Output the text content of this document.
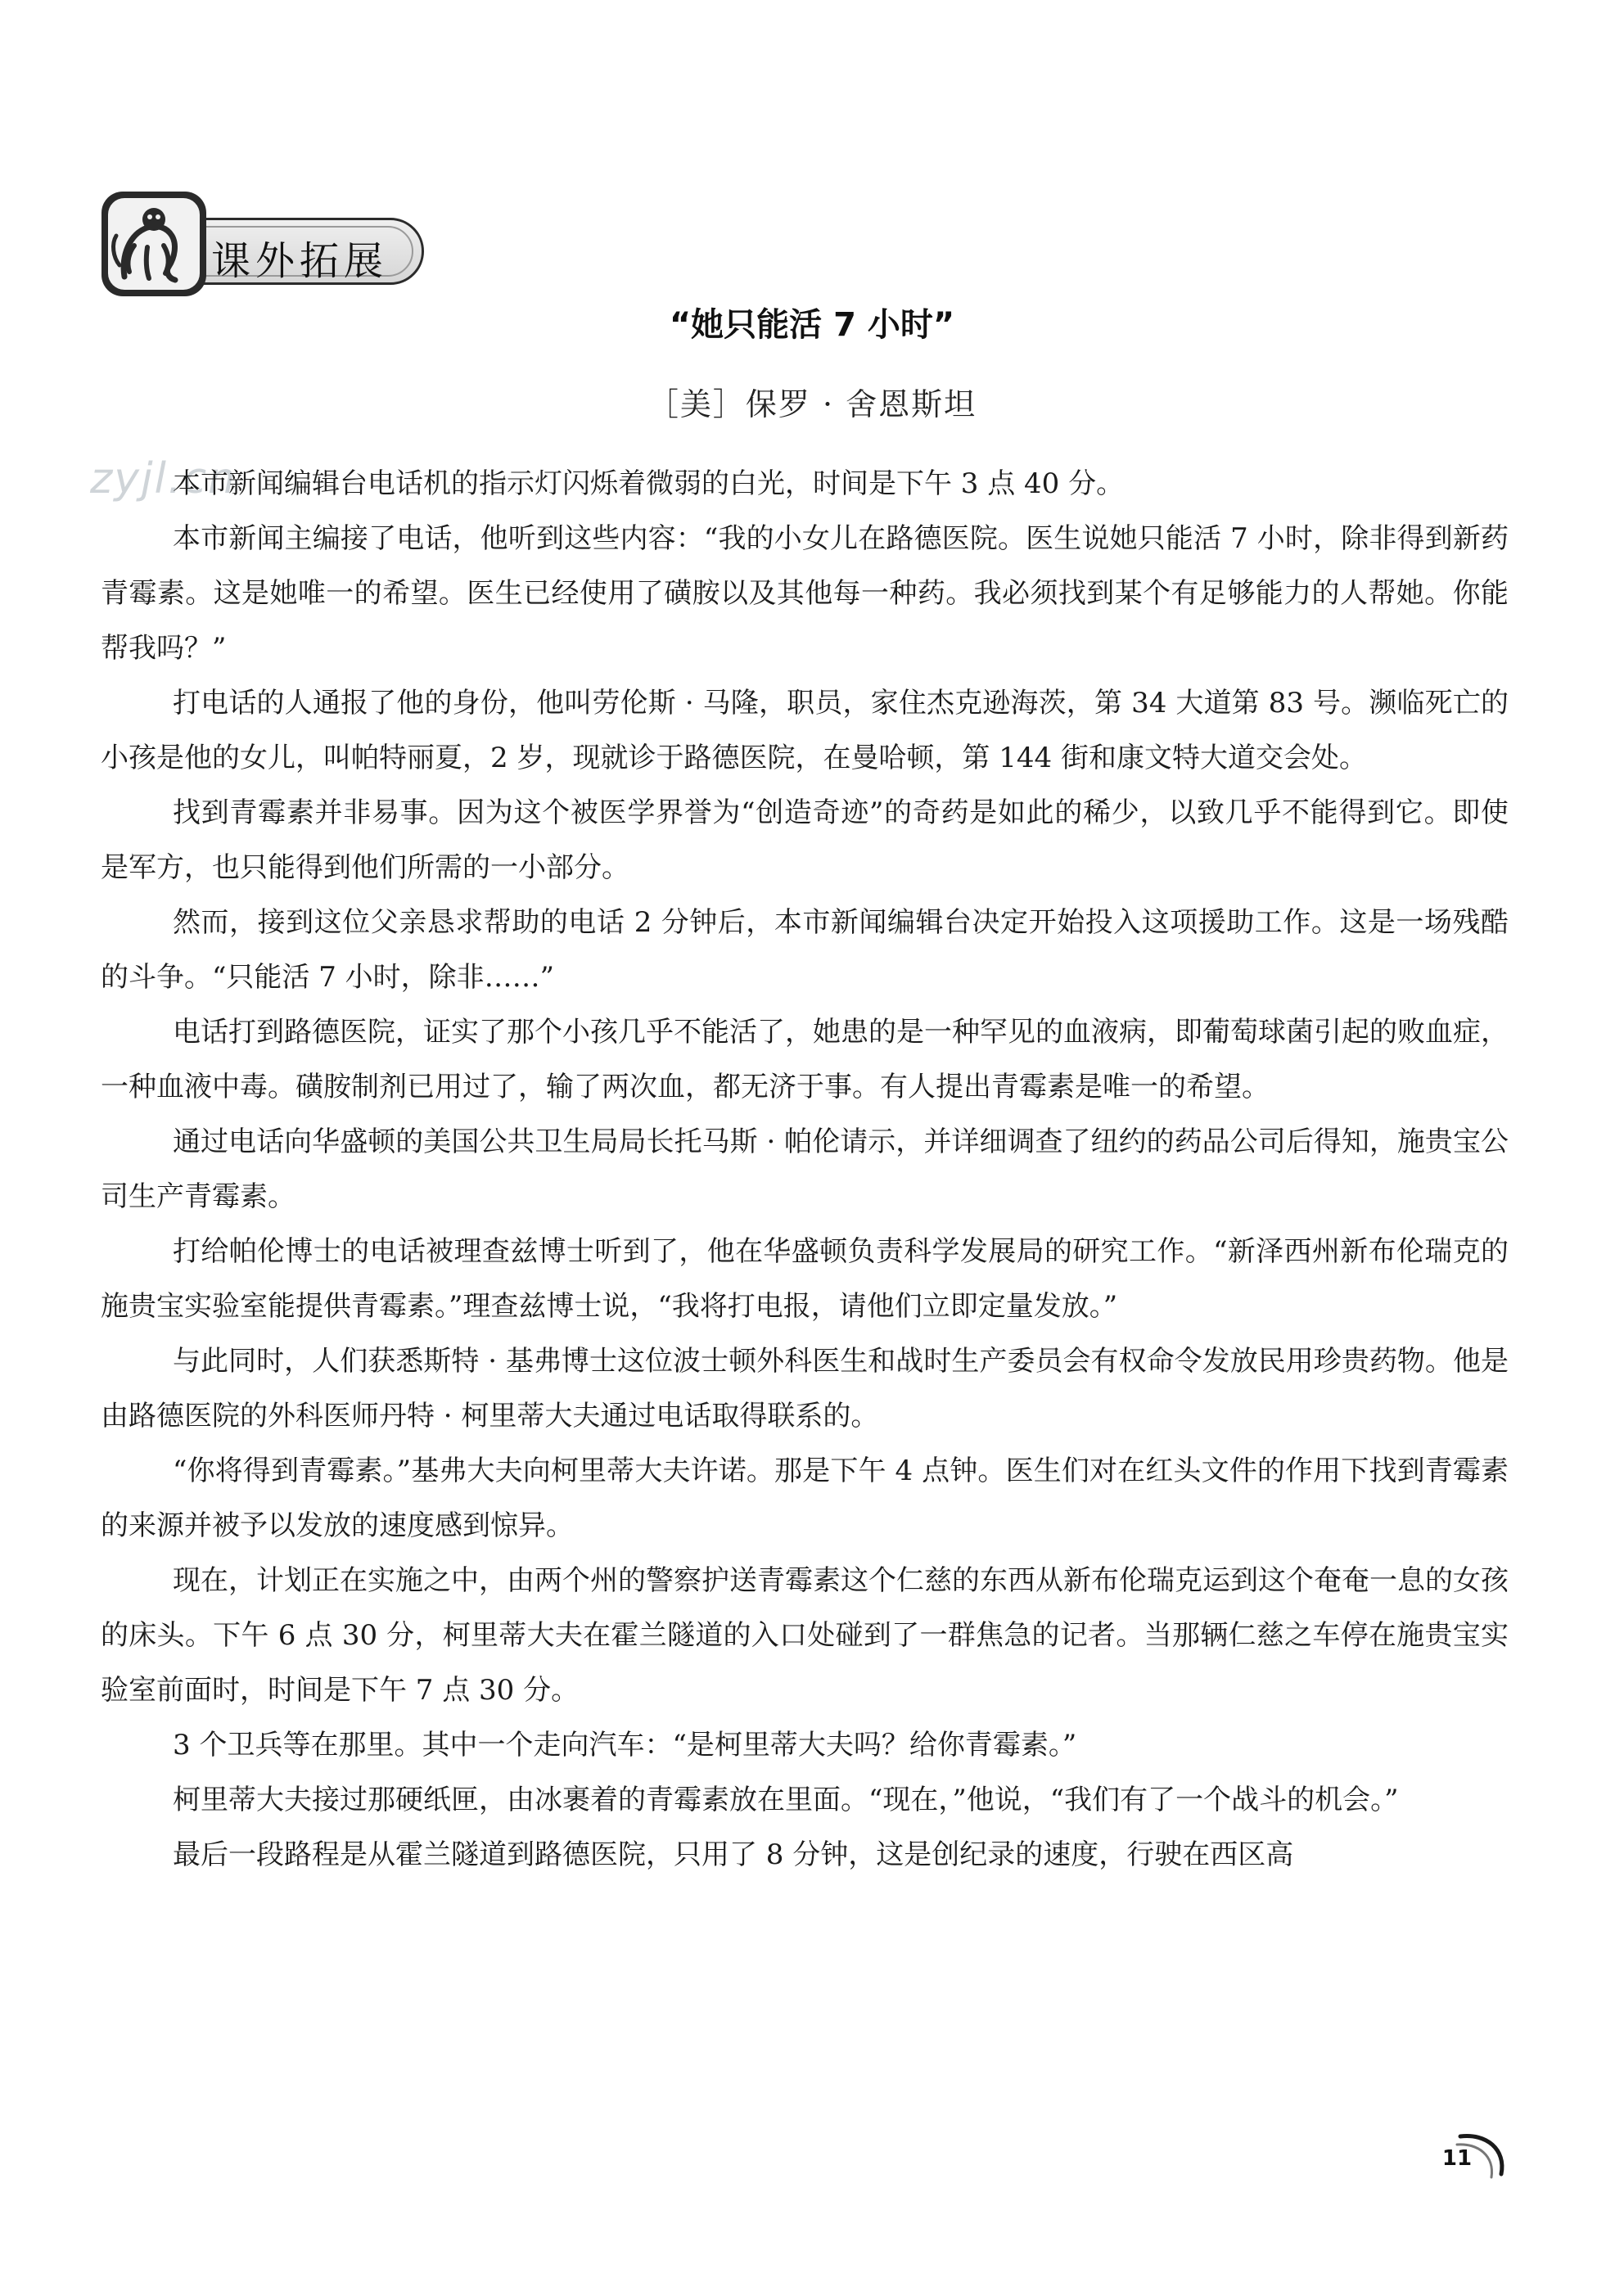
课外拓展
“她只能活 7 小时”
［美］保罗 · 舍恩斯坦
zyjl.cn

本市新闻编辑台电话机的指示灯闪烁着微弱的白光，时间是下午 3 点 40 分。

本市新闻主编接了电话，他听到这些内容：“我的小女儿在路德医院。医生说她只能活 7 小时，除非得到新药青霉素。这是她唯一的希望。医生已经使用了磺胺以及其他每一种药。我必须找到某个有足够能力的人帮她。你能帮我吗？”

打电话的人通报了他的身份，他叫劳伦斯 · 马隆，职员，家住杰克逊海茨，第 34 大道第 83 号。濒临死亡的小孩是他的女儿，叫帕特丽夏，2 岁，现就诊于路德医院，在曼哈顿，第 144 街和康文特大道交会处。

找到青霉素并非易事。因为这个被医学界誉为“创造奇迹”的奇药是如此的稀少，以致几乎不能得到它。即使是军方，也只能得到他们所需的一小部分。

然而，接到这位父亲恳求帮助的电话 2 分钟后，本市新闻编辑台决定开始投入这项援助工作。这是一场残酷的斗争。“只能活 7 小时，除非……”

电话打到路德医院，证实了那个小孩几乎不能活了，她患的是一种罕见的血液病，即葡萄球菌引起的败血症，一种血液中毒。磺胺制剂已用过了，输了两次血，都无济于事。有人提出青霉素是唯一的希望。

通过电话向华盛顿的美国公共卫生局局长托马斯 · 帕伦请示，并详细调查了纽约的药品公司后得知，施贵宝公司生产青霉素。

打给帕伦博士的电话被理查兹博士听到了，他在华盛顿负责科学发展局的研究工作。“新泽西州新布伦瑞克的施贵宝实验室能提供青霉素。”理查兹博士说，“我将打电报，请他们立即定量发放。”

与此同时，人们获悉斯特 · 基弗博士这位波士顿外科医生和战时生产委员会有权命令发放民用珍贵药物。他是由路德医院的外科医师丹特 · 柯里蒂大夫通过电话取得联系的。

“你将得到青霉素。”基弗大夫向柯里蒂大夫许诺。那是下午 4 点钟。医生们对在红头文件的作用下找到青霉素的来源并被予以发放的速度感到惊异。

现在，计划正在实施之中，由两个州的警察护送青霉素这个仁慈的东西从新布伦瑞克运到这个奄奄一息的女孩的床头。下午 6 点 30 分，柯里蒂大夫在霍兰隧道的入口处碰到了一群焦急的记者。当那辆仁慈之车停在施贵宝实验室前面时，时间是下午 7 点 30 分。

3 个卫兵等在那里。其中一个走向汽车：“是柯里蒂大夫吗？给你青霉素。”

柯里蒂大夫接过那硬纸匣，由冰裹着的青霉素放在里面。“现在，”他说，“我们有了一个战斗的机会。”

最后一段路程是从霍兰隧道到路德医院，只用了 8 分钟，这是创纪录的速度，行驶在西区高

11
